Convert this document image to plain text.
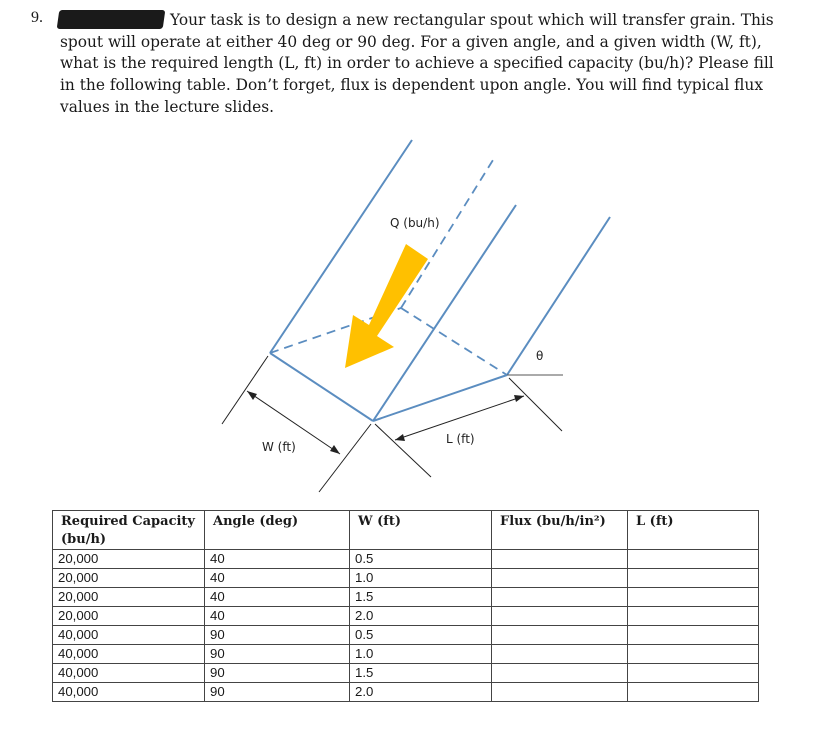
9.	Your task is to design a new rectangular spout which will transfer grain. This spout will operate at either 40 deg or 90 deg. For a given angle, and a given width (W, ft), what is the required length (L, ft) in order to achieve a specified capacity (bu/h)? Please fill in the following table. Don’t forget, flux is dependent upon angle. You will find typical flux values in the lecture slides.
Q (bu/h)
θ
W (ft)
L (ft)
Required Capacity (bu/h)	Angle (deg)	W (ft)	Flux (bu/h/in²)	L (ft)
20,000	40	0.5		
20,000	40	1.0		
20,000	40	1.5		
20,000	40	2.0		
40,000	90	0.5		
40,000	90	1.0		
40,000	90	1.5		
40,000	90	2.0		
